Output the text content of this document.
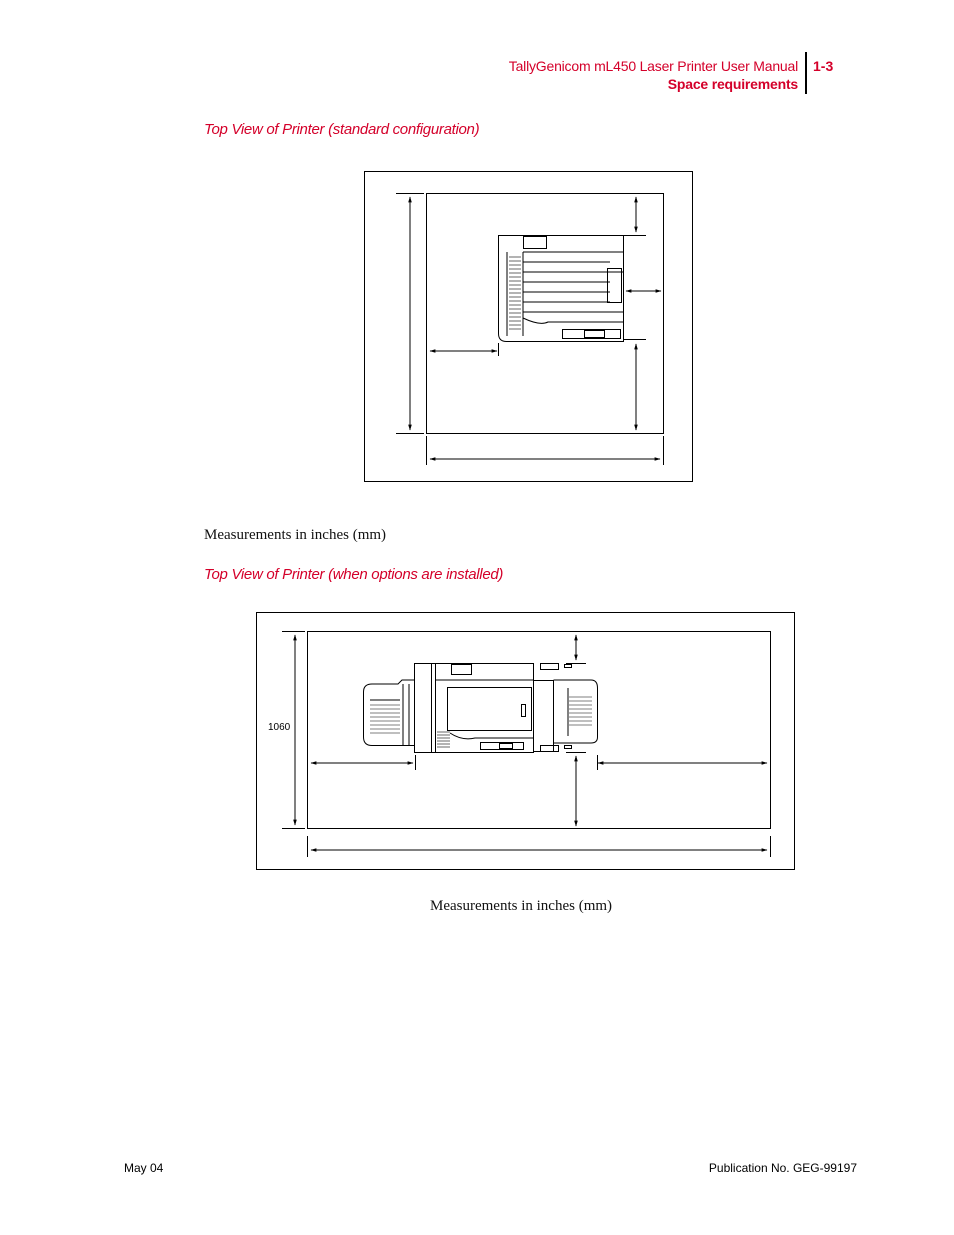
TallyGenicom mL450 Laser Printer User Manual
Space requirements
1-3
Top View of Printer (standard configuration)
Measurements in inches (mm)
Top View of Printer (when options are installed)
Measurements in inches (mm)
1060
May 04	Publication No. GEG-99197
